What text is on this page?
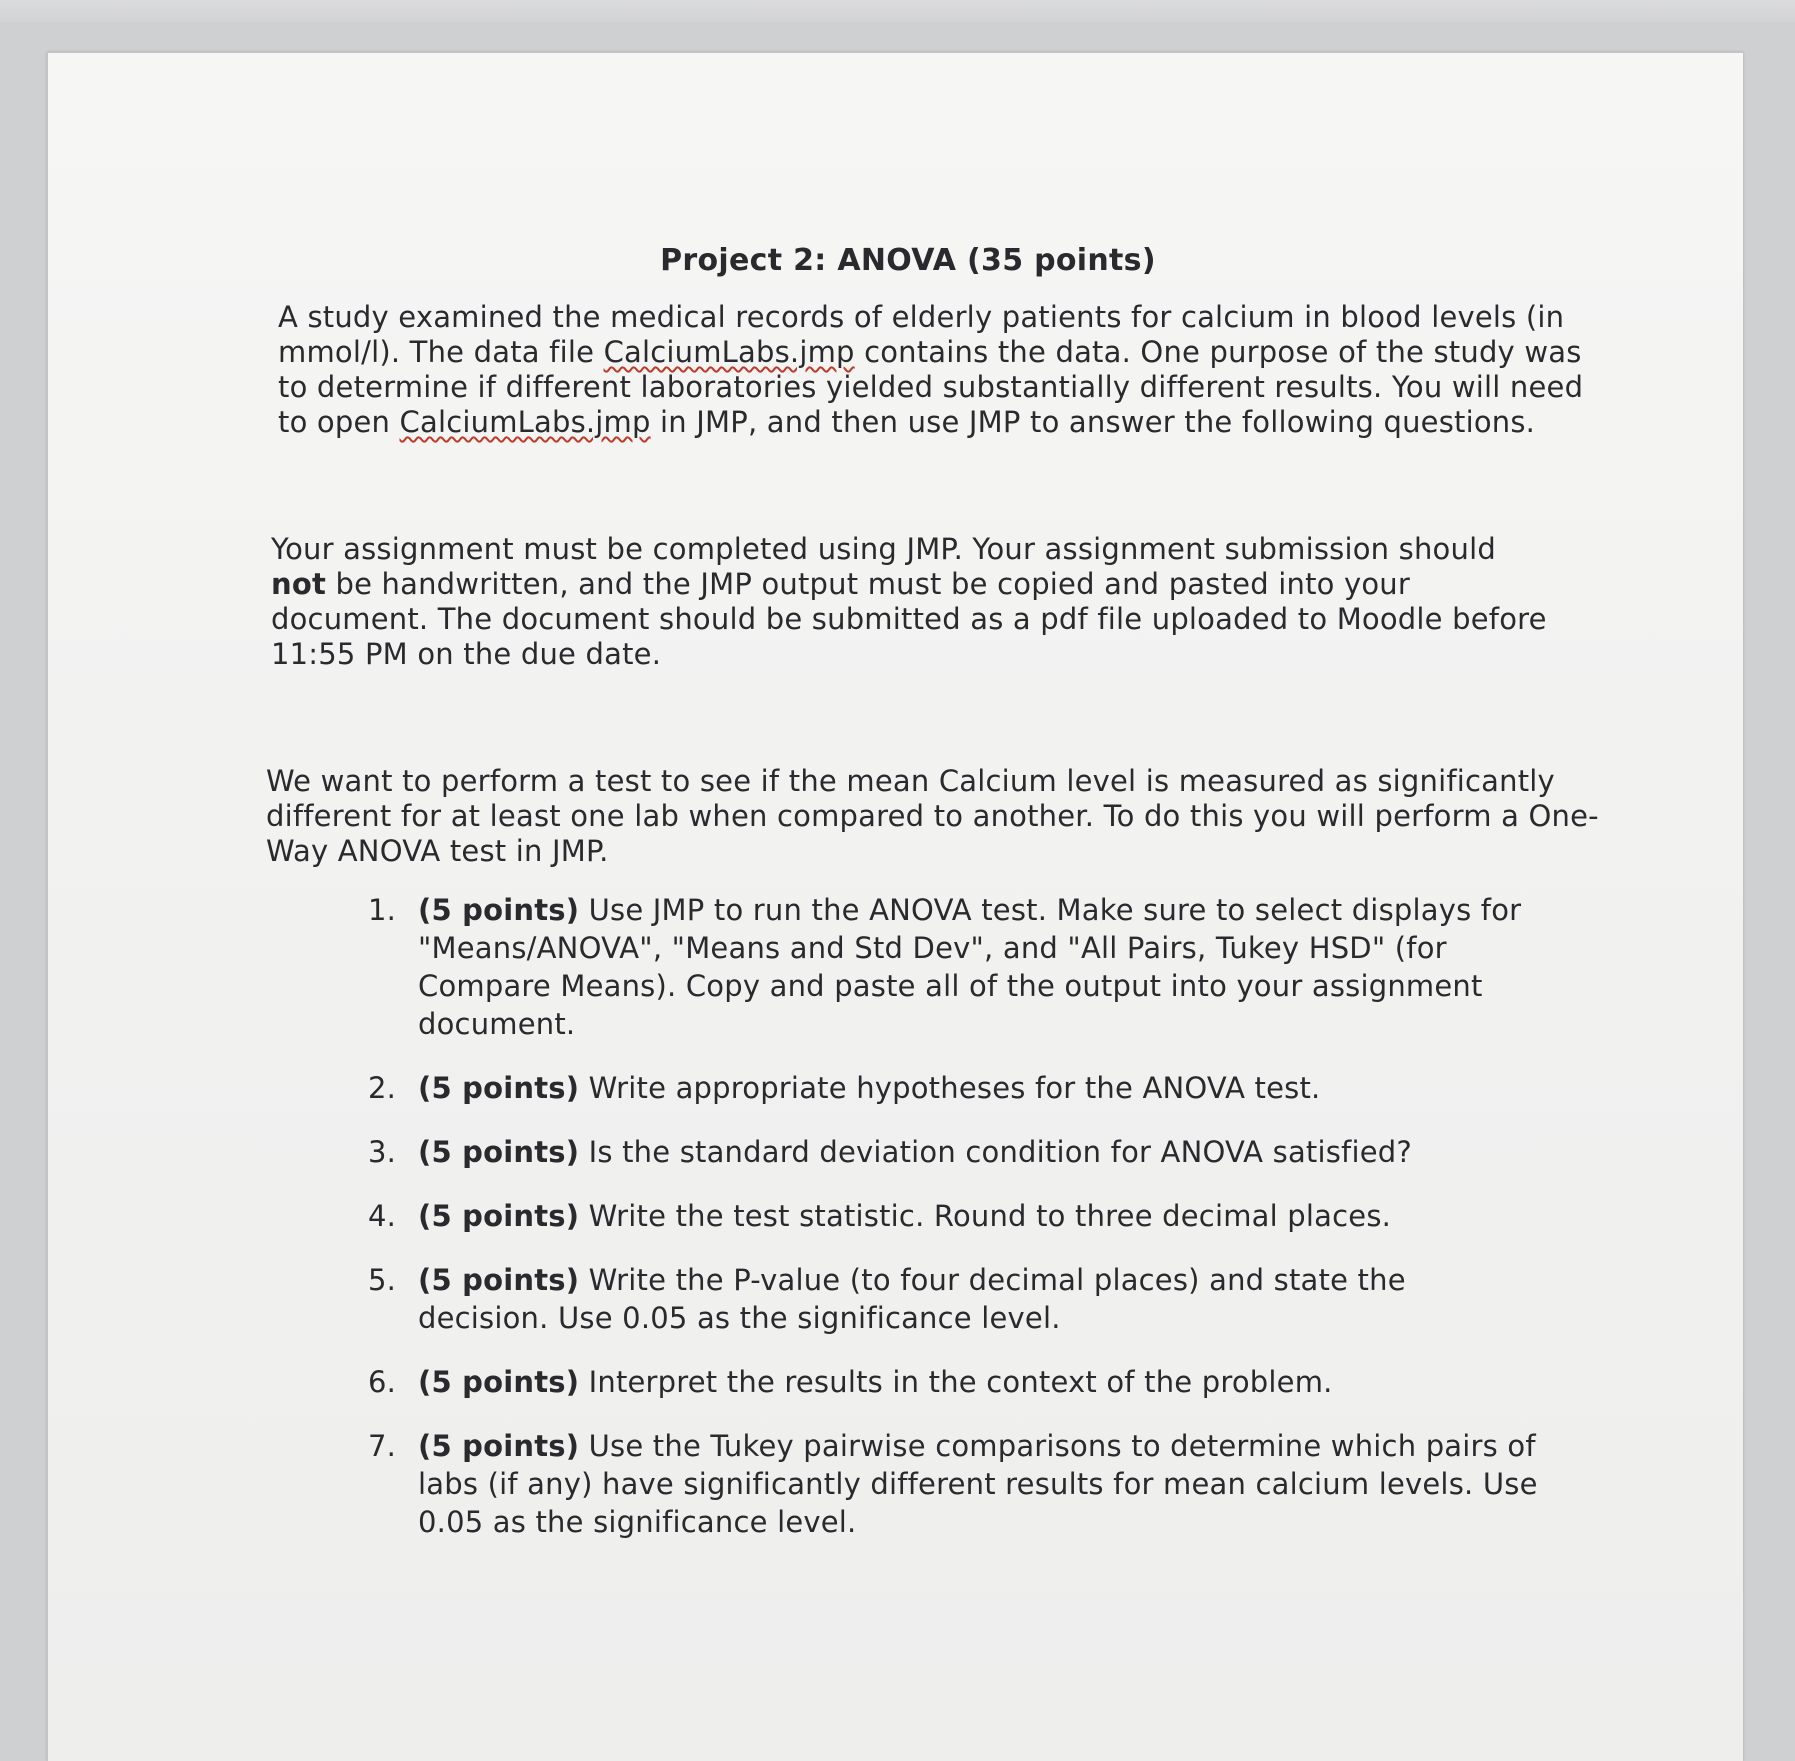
Project 2: ANOVA (35 points)

A study examined the medical records of elderly patients for calcium in blood levels (in mmol/l). The data file CalciumLabs.jmp contains the data. One purpose of the study was to determine if different laboratories yielded substantially different results. You will need to open CalciumLabs.jmp in JMP, and then use JMP to answer the following questions.

Your assignment must be completed using JMP. Your assignment submission should not be handwritten, and the JMP output must be copied and pasted into your document. The document should be submitted as a pdf file uploaded to Moodle before 11:55 PM on the due date.

We want to perform a test to see if the mean Calcium level is measured as significantly different for at least one lab when compared to another. To do this you will perform a One-Way ANOVA test in JMP.

1. (5 points) Use JMP to run the ANOVA test. Make sure to select displays for "Means/ANOVA", "Means and Std Dev", and "All Pairs, Tukey HSD" (for Compare Means). Copy and paste all of the output into your assignment document.
2. (5 points) Write appropriate hypotheses for the ANOVA test.
3. (5 points) Is the standard deviation condition for ANOVA satisfied?
4. (5 points) Write the test statistic. Round to three decimal places.
5. (5 points) Write the P-value (to four decimal places) and state the decision. Use 0.05 as the significance level.
6. (5 points) Interpret the results in the context of the problem.
7. (5 points) Use the Tukey pairwise comparisons to determine which pairs of labs (if any) have significantly different results for mean calcium levels. Use 0.05 as the significance level.
